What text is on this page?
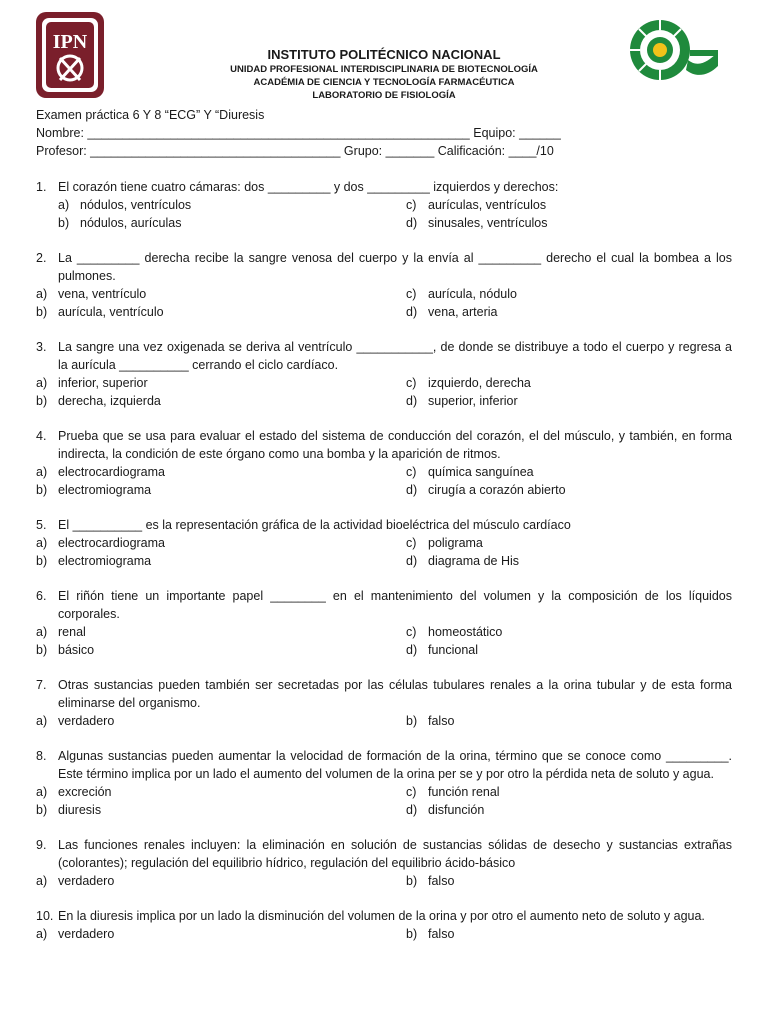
IPN
INSTITUTO POLITÉCNICO NACIONAL
UNIDAD PROFESIONAL INTERDISCIPLINARIA DE BIOTECNOLOGÍA
ACADÉMIA DE CIENCIA Y TECNOLOGÍA FARMACÉUTICA
LABORATORIO DE FISIOLOGÍA
Examen práctica 6 Y 8 “ECG” Y “Diuresis
Nombre: _______________________________________________________ Equipo: ______
Profesor: ____________________________________ Grupo: _______ Calificación: ____/10
1. El corazón tiene cuatro cámaras: dos _________ y dos _________ izquierdos y derechos:
a) nódulos, ventrículos	c) aurículas, ventrículos
b) nódulos, aurículas	d) sinusales, ventrículos
2. La _________ derecha recibe la sangre venosa del cuerpo y la envía al _________ derecho el cual la bombea a los pulmones.
a) vena, ventrículo	c) aurícula, nódulo
b) aurícula, ventrículo	d) vena, arteria
3. La sangre una vez oxigenada se deriva al ventrículo ___________, de donde se distribuye a todo el cuerpo y regresa a la aurícula __________ cerrando el ciclo cardíaco.
a) inferior, superior	c) izquierdo, derecha
b) derecha, izquierda	d) superior, inferior
4. Prueba que se usa para evaluar el estado del sistema de conducción del corazón, el del músculo, y también, en forma indirecta, la condición de este órgano como una bomba y la aparición de ritmos.
a) electrocardiograma	c) química sanguínea
b) electromiograma	d) cirugía a corazón abierto
5. El __________ es la representación gráfica de la actividad bioeléctrica del músculo cardíaco
a) electrocardiograma	c) poligrama
b) electromiograma	d) diagrama de His
6. El riñón tiene un importante papel ________ en el mantenimiento del volumen y la composición de los líquidos corporales.
a) renal	c) homeostático
b) básico	d) funcional
7. Otras sustancias pueden también ser secretadas por las células tubulares renales a la orina tubular y de esta forma eliminarse del organismo.
a) verdadero	b) falso
8. Algunas sustancias pueden aumentar la velocidad de formación de la orina, término que se conoce como _________. Este término implica por un lado el aumento del volumen de la orina per se y por otro la pérdida neta de soluto y agua.
a) excreción	c) función renal
b) diuresis	d) disfunción
9. Las funciones renales incluyen: la eliminación en solución de sustancias sólidas de desecho y sustancias extrañas (colorantes); regulación del equilibrio hídrico, regulación del equilibrio ácido-básico
a) verdadero	b) falso
10. En la diuresis implica por un lado la disminución del volumen de la orina y por otro el aumento neto de soluto y agua.
a) verdadero	b) falso
